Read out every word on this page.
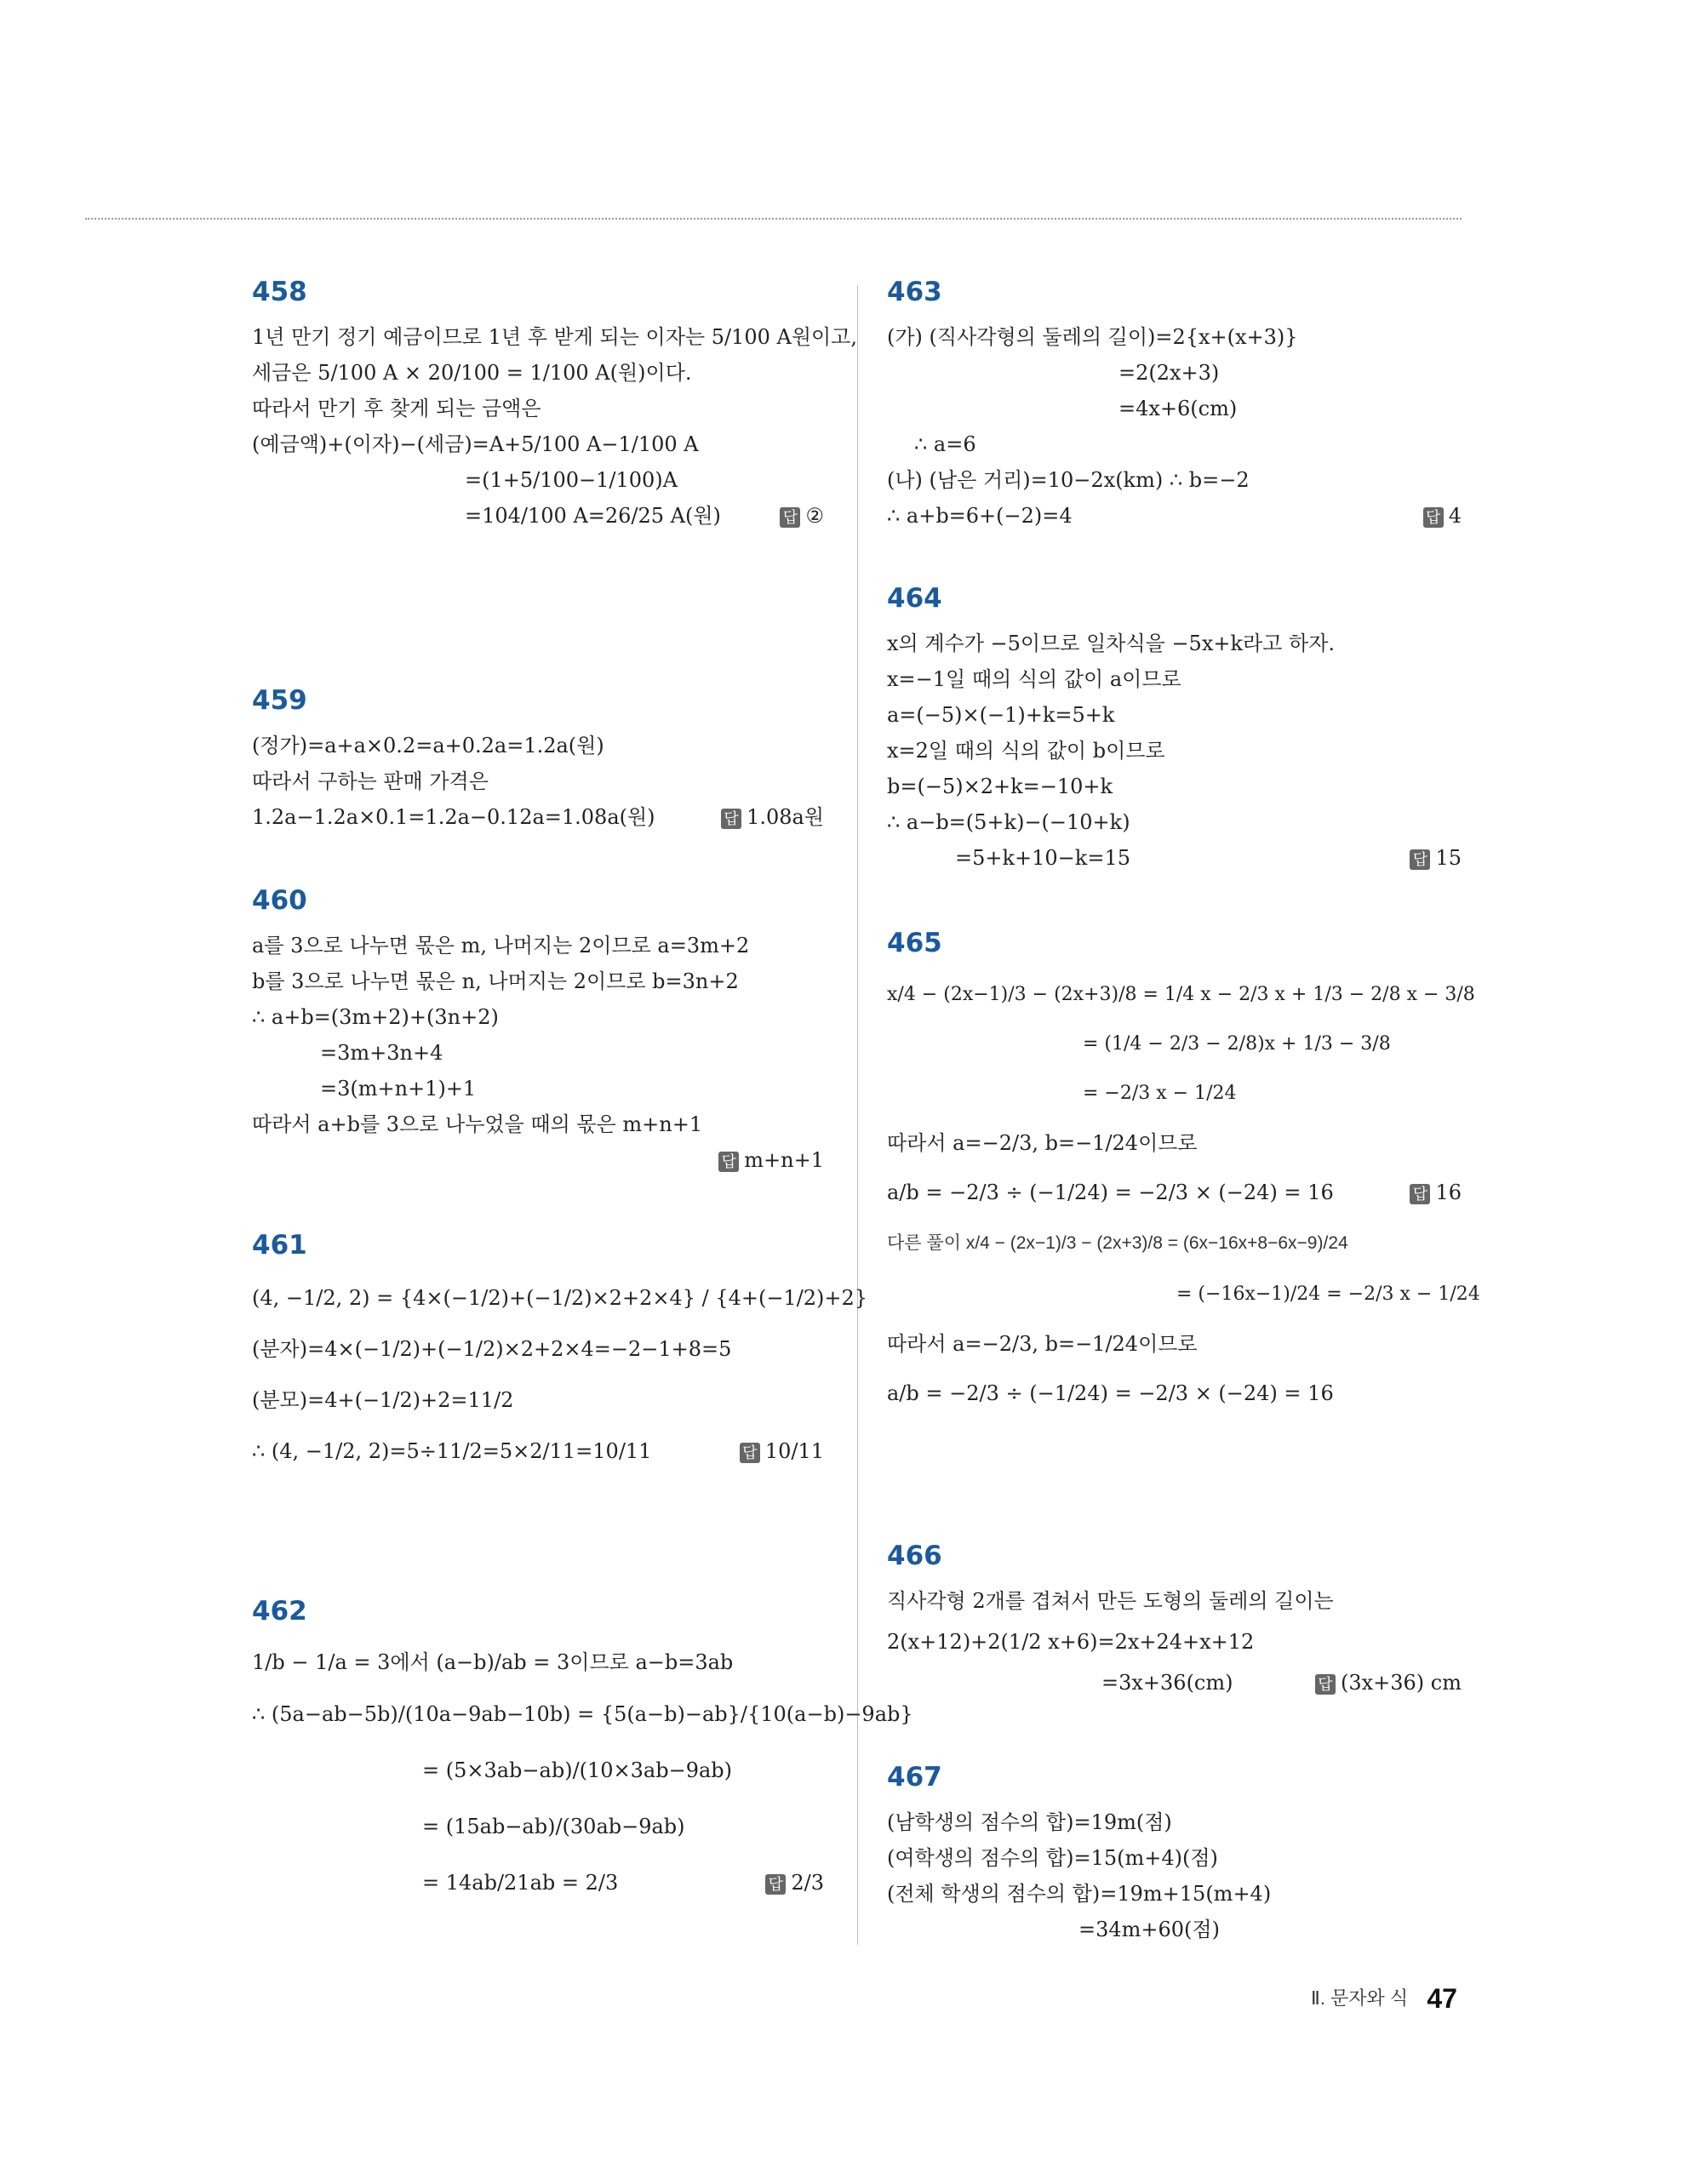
458
1년 만기 정기 예금이므로 1년 후 받게 되는 이자는 5/100 A원이고,
세금은 5/100 A × 20/100 = 1/100 A(원)이다.
따라서 만기 후 찾게 되는 금액은
(예금액)+(이자)−(세금)=A+5/100 A−1/100 A
=(1+5/100−1/100)A
=104/100 A=26/25 A(원)	답 ②
459
(정가)=a+a×0.2=a+0.2a=1.2a(원)
따라서 구하는 판매 가격은
1.2a−1.2a×0.1=1.2a−0.12a=1.08a(원)	답 1.08a원
460
a를 3으로 나누면 몫은 m, 나머지는 2이므로 a=3m+2
b를 3으로 나누면 몫은 n, 나머지는 2이므로 b=3n+2
∴ a+b=(3m+2)+(3n+2)
=3m+3n+4
=3(m+n+1)+1
따라서 a+b를 3으로 나누었을 때의 몫은 m+n+1
답 m+n+1
461
(4, −1/2, 2) = {4×(−1/2)+(−1/2)×2+2×4} / {4+(−1/2)+2}
(분자)=4×(−1/2)+(−1/2)×2+2×4=−2−1+8=5
(분모)=4+(−1/2)+2=11/2
∴ (4, −1/2, 2)=5÷11/2=5×2/11=10/11	답 10/11
462
1/b − 1/a = 3에서 (a−b)/ab = 3이므로 a−b=3ab
∴ (5a−ab−5b)/(10a−9ab−10b) = {5(a−b)−ab}/{10(a−b)−9ab}
= (5×3ab−ab)/(10×3ab−9ab)
= (15ab−ab)/(30ab−9ab)
= 14ab/21ab = 2/3	답 2/3
463
(가) (직사각형의 둘레의 길이)=2{x+(x+3)}
=2(2x+3)
=4x+6(cm)
∴ a=6
(나) (남은 거리)=10−2x(km) ∴ b=−2
∴ a+b=6+(−2)=4	답 4
464
x의 계수가 −5이므로 일차식을 −5x+k라고 하자.
x=−1일 때의 식의 값이 a이므로
a=(−5)×(−1)+k=5+k
x=2일 때의 식의 값이 b이므로
b=(−5)×2+k=−10+k
∴ a−b=(5+k)−(−10+k)
=5+k+10−k=15	답 15
465
x/4 − (2x−1)/3 − (2x+3)/8 = 1/4 x − 2/3 x + 1/3 − 2/8 x − 3/8
= (1/4 − 2/3 − 2/8)x + 1/3 − 3/8
= −2/3 x − 1/24
따라서 a=−2/3, b=−1/24이므로
a/b = −2/3 ÷ (−1/24) = −2/3 × (−24) = 16	답 16
다른 풀이 x/4 − (2x−1)/3 − (2x+3)/8 = (6x−16x+8−6x−9)/24
= (−16x−1)/24 = −2/3 x − 1/24
따라서 a=−2/3, b=−1/24이므로
a/b = −2/3 ÷ (−1/24) = −2/3 × (−24) = 16
466
직사각형 2개를 겹쳐서 만든 도형의 둘레의 길이는
2(x+12)+2(1/2 x+6)=2x+24+x+12
=3x+36(cm)	답 (3x+36) cm
467
(남학생의 점수의 합)=19m(점)
(여학생의 점수의 합)=15(m+4)(점)
(전체 학생의 점수의 합)=19m+15(m+4)
=34m+60(점)
Ⅱ. 문자와 식 47
